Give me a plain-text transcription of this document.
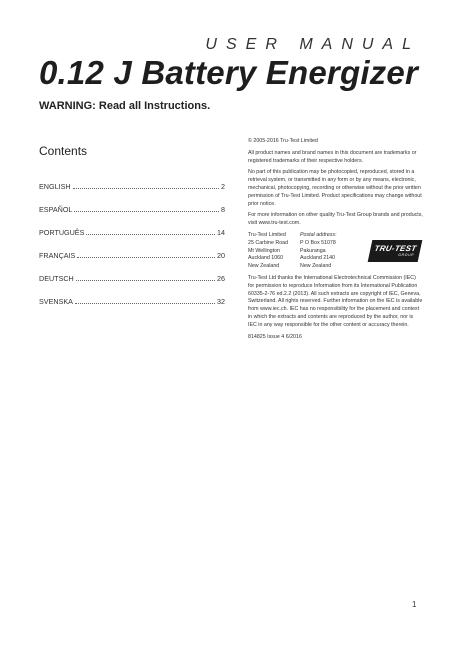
USER MANUAL
0.12 J Battery Energizer
WARNING: Read all Instructions.
Contents
ENGLISH	2
ESPAÑOL	8
PORTUGUÊS	14
FRANÇAIS	20
DEUTSCH	26
SVENSKA	32

© 2005-2016 Tru-Test Limited

All product names and brand names in this document are trademarks or registered trademarks of their respective holders.

No part of this publication may be photocopied, reproduced, stored in a retrieval system, or transmitted in any form or by any means, electronic, mechanical, photocopying, recording or otherwise without the prior written permission of Tru-Test Limited. Product specifications may change without prior notice.

For more information on other quality Tru-Test Group brands and products, visit www.tru-test.com.

Tru-Test Limited
25 Carbine Road
Mt Wellington
Auckland 1060
New Zealand
Postal address:
P O Box 51078
Pakuranga
Auckland 2140
New Zealand
TRU-TEST
GROUP

Tru-Test Ltd thanks the International Electrotechnical Commission (IEC) for permission to reproduce Information from its International Publication 60335-2-76 ed.2.2 (2013). All such extracts are copyright of IEC, Geneva, Switzerland. All rights reserved. Further information on the IEC is available from www.iec.ch. IEC has no responsibility for the placement and context in which the extracts and contents are reproduced by the author, nor is IEC in any way responsible for the other content or accuracy therein.

814825 Issue 4 6/2016

1
